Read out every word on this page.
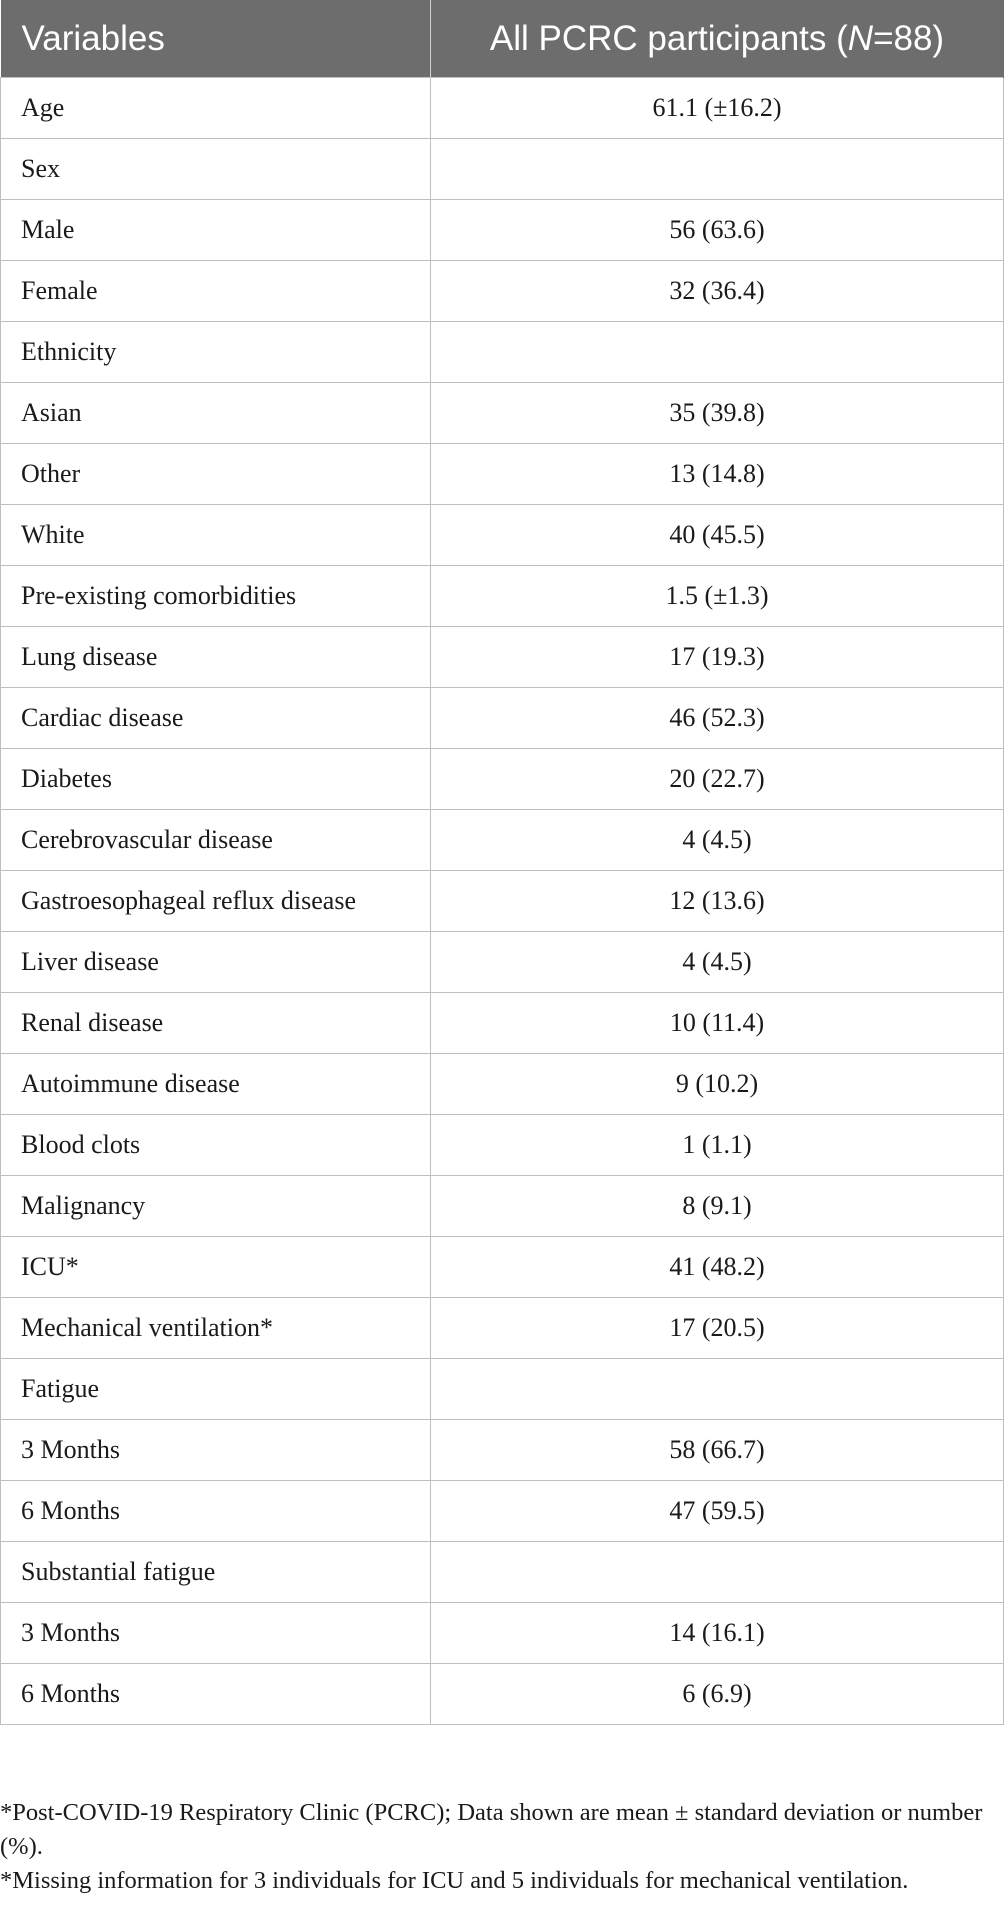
Variables	All PCRC participants (N=88)
Age	61.1 (±16.2)
Sex	
Male	56 (63.6)
Female	32 (36.4)
Ethnicity	
Asian	35 (39.8)
Other	13 (14.8)
White	40 (45.5)
Pre-existing comorbidities	1.5 (±1.3)
Lung disease	17 (19.3)
Cardiac disease	46 (52.3)
Diabetes	20 (22.7)
Cerebrovascular disease	4 (4.5)
Gastroesophageal reflux disease	12 (13.6)
Liver disease	4 (4.5)
Renal disease	10 (11.4)
Autoimmune disease	9 (10.2)
Blood clots	1 (1.1)
Malignancy	8 (9.1)
ICU*	41 (48.2)
Mechanical ventilation*	17 (20.5)
Fatigue	
3 Months	58 (66.7)
6 Months	47 (59.5)
Substantial fatigue	
3 Months	14 (16.1)
6 Months	6 (6.9)

*Post-COVID-19 Respiratory Clinic (PCRC); Data shown are mean ± standard deviation or number (%).

*Missing information for 3 individuals for ICU and 5 individuals for mechanical ventilation.
